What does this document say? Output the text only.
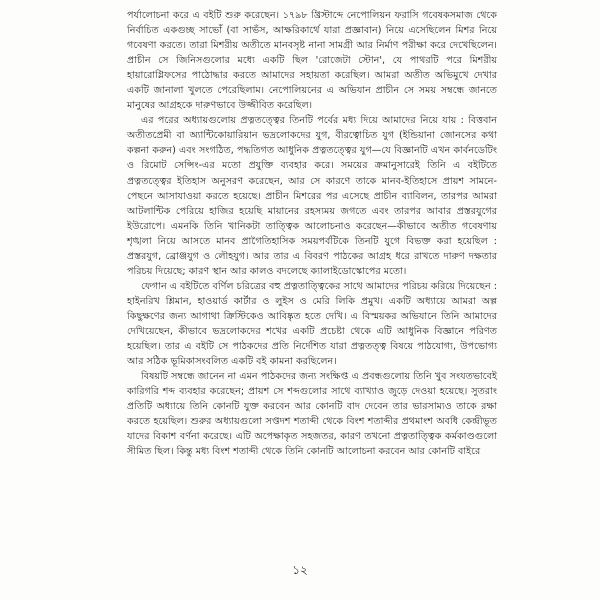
পর্যালোচনা করে এ বইটি শুরু করেছেন। ১৭৯৮ খ্রিস্টাব্দে নেপোলিয়ন ফরাসি গবেষকসমাজ থেকে নির্বাচিত একগুচ্ছ সাভোঁ (বা সাভঁস, আক্ষরিকার্থে যারা প্রজ্ঞাবান) নিয়ে এসেছিলেন মিশর নিয়ে গবেষণা করতে। তারা মিশরীয় অতীতে মানবসৃষ্ট নানা সামগ্রী আর নির্মাণ পরীক্ষা করে দেখেছিলেন। প্রাচীন সে জিনিসগুলোর মধ্যে একটি ছিল 'রোজেটা স্টোন', যে পাথরটি পরে মিশরীয় হায়ারোগ্লিফসের পাঠোদ্ধার করতে আমাদের সহায়তা করেছিল। আমরা অতীত অভিমুখে দেখার একটি জানালা খুলতে পেরেছিলাম। নেপোলিয়নের এ অভিযান প্রাচীন সে সময় সম্বন্ধে জানতে মানুষের আগ্রহকে দারুণভাবে উজ্জীবিত করেছিল।

এর পরের অধ্যায়গুলোয় প্রত্নতত্ত্বের তিনটি পর্বের মধ্য দিয়ে আমাদের নিয়ে যায় : বিত্তবান অতীতপ্রেমী বা অ্যান্টিকোয়ারিয়ান ভদ্রলোকদের যুগ, বীরত্বোচিত যুগ (ইন্ডিয়ানা জোনসের কথা কল্পনা করুন) এবং সংগঠিত, পদ্ধতিগত আধুনিক প্রত্নতত্ত্বের যুগ—যে বিজ্ঞানটি এখন কার্বনডেটিং ও রিমোট সেন্সিং-এর মতো প্রযুক্তি ব্যবহার করে। সময়ের ক্রমানুসারেই তিনি এ বইটিতে প্রত্নতত্ত্বের ইতিহাস অনুসরণ করেছেন, আর সে কারণে তাকে মানব-ইতিহাসে প্রায়শ সামনে-পেছনে আসাযাওয়া করতে হয়েছে। প্রাচীন মিশরের পর এসেছে প্রাচীন ব্যাবিলন, তারপর আমরা আটলান্টিক পেরিয়ে হাজির হয়েছি মায়ানের রহস্যময় জগতে এবং তারপর আবার প্রস্তরযুগের ইউরোপে। এমনকি তিনি খানিকটা তাত্ত্বিক আলোচনাও করেছেন—কীভাবে অতীত গবেষণায় শৃঙ্খলা নিয়ে আসতে মানব প্রাগৈতিহাসিক সময়পর্বটিকে তিনটি যুগে বিভক্ত করা হয়েছিল : প্রস্তরযুগ, ব্রোঞ্জযুগ ও লৌহযুগ। আর তার এ বিবরণ পাঠকের আগ্রহ ধরে রাখতে দারুণ দক্ষতার পরিচয় দিয়েছে; কারণ স্থান আর কালও বদলেছে ক্যালাইডোস্কোপের মতো।

ফেগান এ বইটিতে বর্ণিল চরিত্রের বহু প্রত্নতাত্ত্বিকের সাথে আমাদের পরিচয় করিয়ে দিয়েছেন : হাইনরিখ শ্লিমান, হাওয়ার্ড কার্টার ও লুইস ও মেরি লিকি প্রমুখ। একটি অধ্যায়ে আমরা অল্প কিছুক্ষণের জন্য আগাথা ক্রিস্টিকেও আবিষ্কৃত হতে দেখি। এ বিস্ময়কর অভিযানে তিনি আমাদের দেখিয়েছেন, কীভাবে ভদ্রলোকদের শখের একটি প্রচেষ্টা থেকে এটি আধুনিক বিজ্ঞানে পরিণত হয়েছিল। তার এ বইটি সে পাঠকদের প্রতি নির্দেশিত যারা প্রত্নতত্ত্ব বিষয়ে পাঠযোগ্য, উপভোগ্য আর সঠিক ভূমিকাসংবলিত একটি বই কামনা করছিলেন।

বিষয়টি সম্বন্ধে জানেন না এমন পাঠকদের জন্য সংক্ষিপ্ত এ প্রবন্ধগুলোয় তিনি খুব সংযতভাবেই কারিগরি শব্দ ব্যবহার করেছেন; প্রায়শ সে শব্দগুলোর সাথে ব্যাখ্যাও জুড়ে দেওয়া হয়েছে। সুতরাং প্রতিটি অধ্যায়ে তিনি কোনটি যুক্ত করবেন আর কোনটি বাদ দেবেন তার ভারসাম্যও তাকে রক্ষা করতে হয়েছিল। শুরুর অধ্যায়গুলো সপ্তদশ শতাব্দী থেকে বিংশ শতাব্দীর প্রথমাংশ অবধি কেন্দ্রীভূত যাদের বিকাশ বর্ণনা করেছে। এটি অপেক্ষাকৃত সহজতর, কারণ তখনো প্রত্নতাত্ত্বিক কর্মকাণ্ডগুলো সীমিত ছিল। কিন্তু মধ্য বিংশ শতাব্দী থেকে তিনি কোনটি আলোচনা করবেন আর কোনটি বাইরে

১২
